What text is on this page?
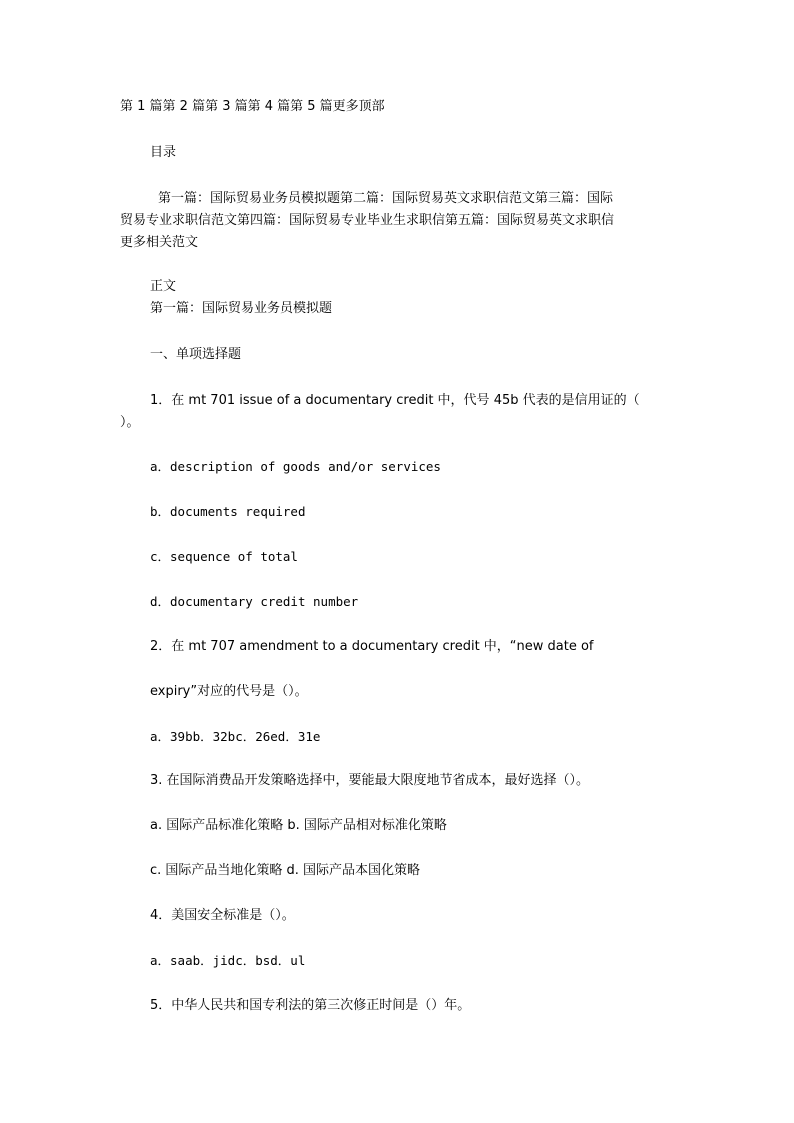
第 1 篇第 2 篇第 3 篇第 4 篇第 5 篇更多顶部
目录
第一篇：国际贸易业务员模拟题第二篇：国际贸易英文求职信范文第三篇：国际
贸易专业求职信范文第四篇：国际贸易专业毕业生求职信第五篇：国际贸易英文求职信
更多相关范文
正文
第一篇：国际贸易业务员模拟题
一、单项选择题
1．在 mt 701 issue of a documentary credit 中，代号 45b 代表的是信用证的（
）。
a．description of goods and/or services
b．documents required
c．sequence of total
d．documentary credit number
2．在 mt 707 amendment to a documentary credit 中，“new date of
expiry”对应的代号是（）。
a．39bb．32bc．26ed．31e
3. 在国际消费品开发策略选择中，要能最大限度地节省成本，最好选择（）。
a. 国际产品标准化策略 b. 国际产品相对标准化策略
c. 国际产品当地化策略 d. 国际产品本国化策略
4．美国安全标准是（）。
a．saab．jidc．bsd．ul
5．中华人民共和国专利法的第三次修正时间是（）年。
